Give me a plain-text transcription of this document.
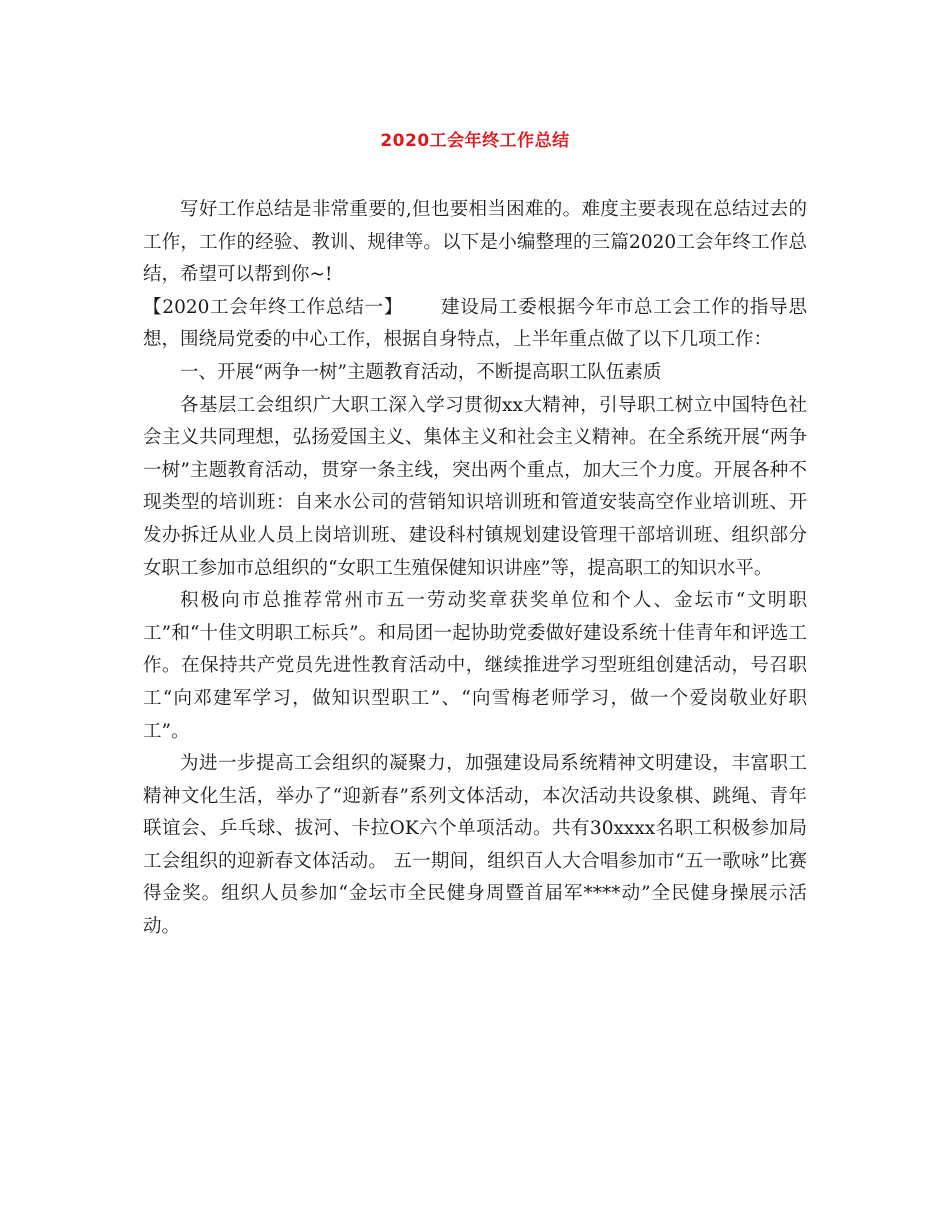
2020工会年终工作总结

写好工作总结是非常重要的,但也要相当困难的。难度主要表现在总结过去的工作，工作的经验、教训、规律等。以下是小编整理的三篇2020工会年终工作总结，希望可以帮到你~!

【2020工会年终工作总结一】   建设局工委根据今年市总工会工作的指导思想，围绕局党委的中心工作，根据自身特点，上半年重点做了以下几项工作：

一、开展“两争一树”主题教育活动，不断提高职工队伍素质

各基层工会组织广大职工深入学习贯彻xx大精神，引导职工树立中国特色社会主义共同理想，弘扬爱国主义、集体主义和社会主义精神。在全系统开展“两争一树”主题教育活动，贯穿一条主线，突出两个重点，加大三个力度。开展各种不现类型的培训班：自来水公司的营销知识培训班和管道安装高空作业培训班、开发办拆迁从业人员上岗培训班、建设科村镇规划建设管理干部培训班、组织部分女职工参加市总组织的“女职工生殖保健知识讲座”等，提高职工的知识水平。

积极向市总推荐常州市五一劳动奖章获奖单位和个人、金坛市“文明职工”和“十佳文明职工标兵”。和局团一起协助党委做好建设系统十佳青年和评选工作。在保持共产党员先进性教育活动中，继续推进学习型班组创建活动，号召职工“向邓建军学习，做知识型职工”、“向雪梅老师学习，做一个爱岗敬业好职工”。

为进一步提高工会组织的凝聚力，加强建设局系统精神文明建设，丰富职工精神文化生活，举办了“迎新春”系列文体活动，本次活动共设象棋、跳绳、青年联谊会、乒乓球、拔河、卡拉OK六个单项活动。共有30xxxx名职工积极参加局工会组织的迎新春文体活动。 五一期间，组织百人大合唱参加市“五一歌咏”比赛得金奖。组织人员参加“金坛市全民健身周暨首届军****动”全民健身操展示活动。
